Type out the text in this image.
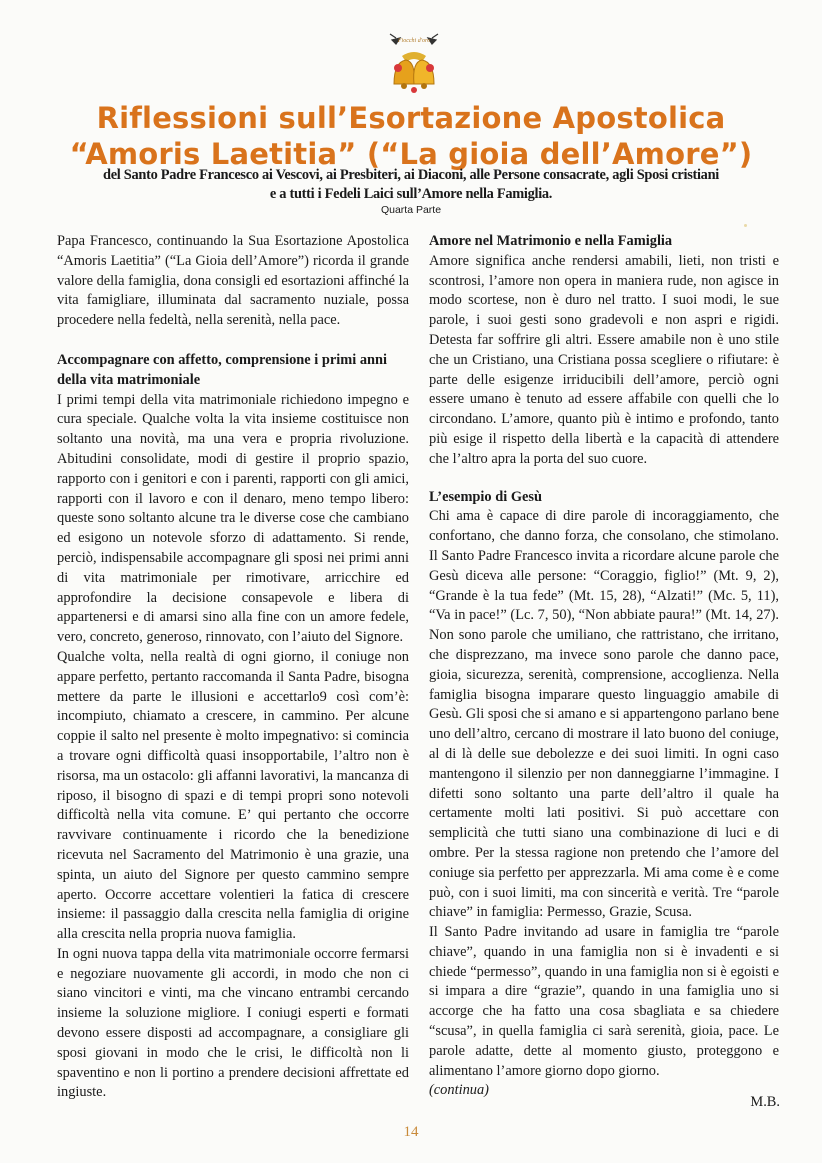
Fiocchi d'oro
Riflessioni sull’Esortazione Apostolica
“Amoris Laetitia” (“La gioia dell’Amore”)

del Santo Padre Francesco ai Vescovi, ai Presbiteri, ai Diaconi, alle Persone consacrate, agli Sposi cristiani
e a tutti i Fedeli Laici sull’Amore nella Famiglia.

Quarta Parte

Papa Francesco, continuando la Sua Esortazione Apostolica “Amoris Laetitia” (“La Gioia dell’Amore”) ricorda il grande valore della famiglia, dona consigli ed esortazioni affinché la vita famigliare, illuminata dal sacramento nuziale, possa procedere nella fedeltà, nella serenità, nella pace.

Accompagnare con affetto, comprensione i primi anni della vita matrimoniale

I primi tempi della vita matrimoniale richiedono impegno e cura speciale. Qualche volta la vita insieme costituisce non soltanto una novità, ma una vera e propria rivoluzione. Abitudini consolidate, modi di gestire il proprio spazio, rapporto con i genitori e con i parenti, rapporti con gli amici, rapporti con il lavoro e con il denaro, meno tempo libero: queste sono soltanto alcune tra le diverse cose che cambiano ed esigono un notevole sforzo di adattamento. Si rende, perciò, indispensabile accompagnare gli sposi nei primi anni di vita matrimoniale per rimotivare, arricchire ed approfondire la decisione consapevole e libera di appartenersi e di amarsi sino alla fine con un amore fedele, vero, concreto, generoso, rinnovato, con l’aiuto del Signore.

Qualche volta, nella realtà di ogni giorno, il coniuge non appare perfetto, pertanto raccomanda il Santa Padre, bisogna mettere da parte le illusioni e accettarlo9 così com’è: incompiuto, chiamato a crescere, in cammino. Per alcune coppie il salto nel presente è molto impegnativo: si comincia a trovare ogni difficoltà quasi insopportabile, l’altro non è risorsa, ma un ostacolo: gli affanni lavorativi, la mancanza di riposo, il bisogno di spazi e di tempi propri sono notevoli difficoltà nella vita comune. E’ qui pertanto che occorre ravvivare continuamente i ricordo che la benedizione ricevuta nel Sacramento del Matrimonio è una grazie, una spinta, un aiuto del Signore per questo cammino sempre aperto. Occorre accettare volentieri la fatica di crescere insieme: il passaggio dalla crescita nella famiglia di origine alla crescita nella propria nuova famiglia.

In ogni nuova tappa della vita matrimoniale occorre fermarsi e negoziare nuovamente gli accordi, in modo che non ci siano vincitori e vinti, ma che vincano entrambi cercando insieme la soluzione migliore. I coniugi esperti e formati devono essere disposti ad accompagnare, a consigliare gli sposi giovani in modo che le crisi, le difficoltà non li spaventino e non li portino a prendere decisioni affrettate ed ingiuste.

Amore nel Matrimonio e nella Famiglia

Amore significa anche rendersi amabili, lieti, non tristi e scontrosi, l’amore non opera in maniera rude, non agisce in modo scortese, non è duro nel tratto. I suoi modi, le sue parole, i suoi gesti sono gradevoli e non aspri e rigidi. Detesta far soffrire gli altri. Essere amabile non è uno stile che un Cristiano, una Cristiana possa scegliere o rifiutare: è parte delle esigenze irriducibili dell’amore, perciò ogni essere umano è tenuto ad essere affabile con quelli che lo circondano. L’amore, quanto più è intimo e profondo, tanto più esige il rispetto della libertà e la capacità di attendere che l’altro apra la porta del suo cuore.

L’esempio di Gesù

Chi ama è capace di dire parole di incoraggiamento, che confortano, che danno forza, che consolano, che stimolano. Il Santo Padre Francesco invita a ricordare alcune parole che Gesù diceva alle persone: “Coraggio, figlio!” (Mt. 9, 2), “Grande è la tua fede” (Mt. 15, 28), “Alzati!” (Mc. 5, 11), “Va in pace!” (Lc. 7, 50), “Non abbiate paura!” (Mt. 14, 27). Non sono parole che umiliano, che rattristano, che irritano, che disprezzano, ma invece sono parole che danno pace, gioia, sicurezza, serenità, comprensione, accoglienza. Nella famiglia bisogna imparare questo linguaggio amabile di Gesù. Gli sposi che si amano e si appartengono parlano bene uno dell’altro, cercano di mostrare il lato buono del coniuge, al di là delle sue debolezze e dei suoi limiti. In ogni caso mantengono il silenzio per non danneggiarne l’immagine. I difetti sono soltanto una parte dell’altro il quale ha certamente molti lati positivi. Si può accettare con semplicità che tutti siano una combinazione di luci e di ombre. Per la stessa ragione non pretendo che l’amore del coniuge sia perfetto per apprezzarla. Mi ama come è e come può, con i suoi limiti, ma con sincerità e verità. Tre “parole chiave” in famiglia: Permesso, Grazie, Scusa.

Il Santo Padre invitando ad usare in famiglia tre “parole chiave”, quando in una famiglia non si è invadenti e si chiede “permesso”, quando in una famiglia non si è egoisti e si impara a dire “grazie”, quando in una famiglia uno si accorge che ha fatto una cosa sbagliata e sa chiedere “scusa”, in quella famiglia ci sarà serenità, gioia, pace. Le parole adatte, dette al momento giusto, proteggono e alimentano l’amore giorno dopo giorno.

(continua)

M.B.
14
